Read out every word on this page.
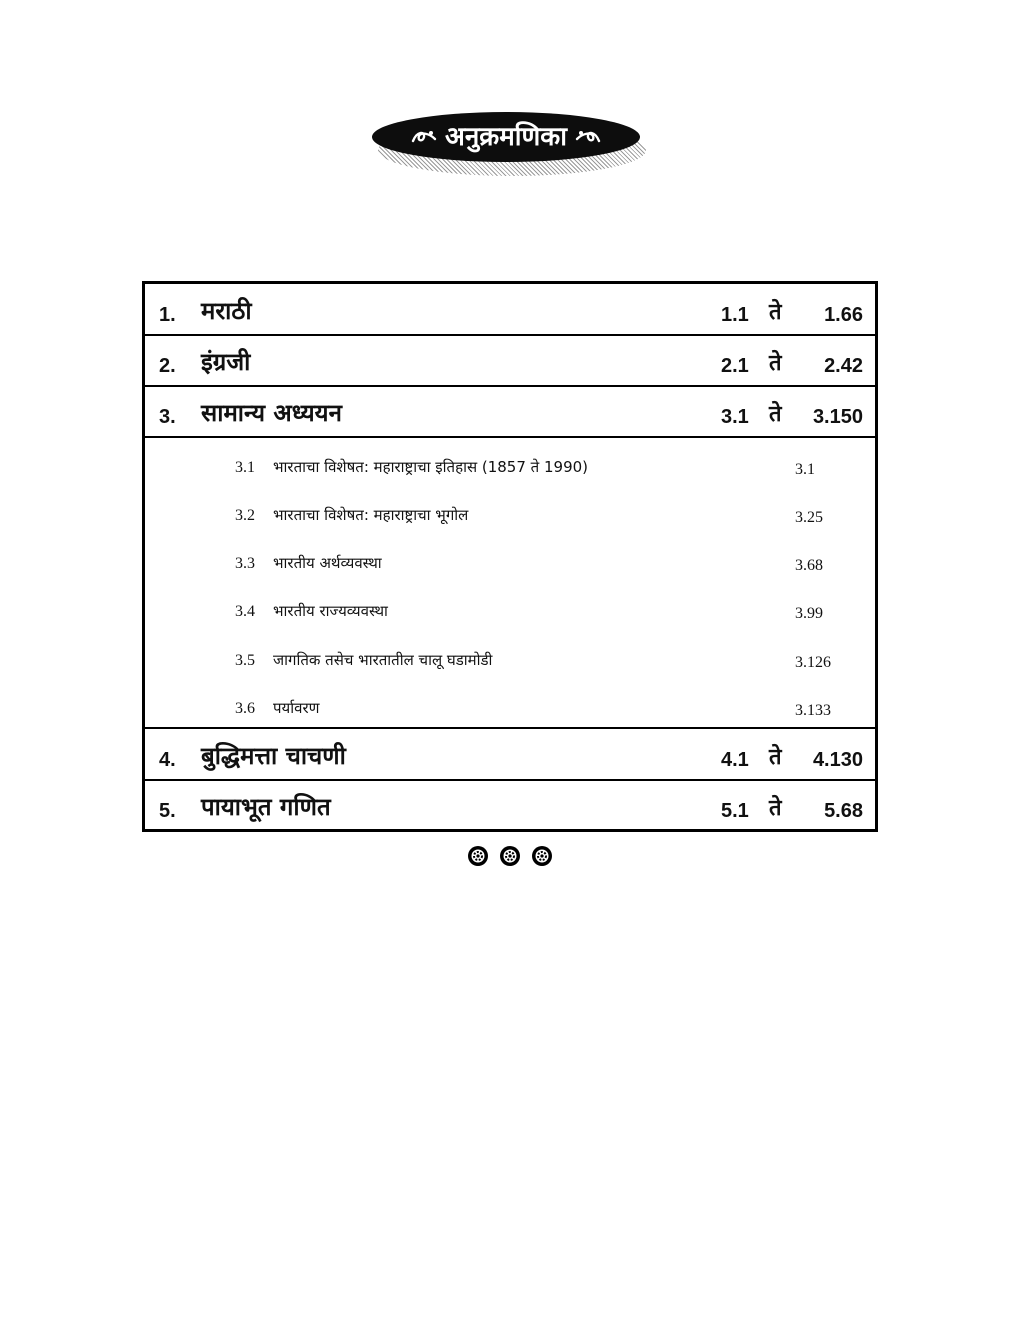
अनुक्रमणिका
1. मराठी	1.1 ते 1.66
2. इंग्रजी	2.1 ते 2.42
3. सामान्य अध्ययन	3.1 ते 3.150
3.1 भारताचा विशेषत: महाराष्ट्राचा इतिहास (1857 ते 1990)	3.1
3.2 भारताचा विशेषत: महाराष्ट्राचा भूगोल	3.25
3.3 भारतीय अर्थव्यवस्था	3.68
3.4 भारतीय राज्यव्यवस्था	3.99
3.5 जागतिक तसेच भारतातील चालू घडामोडी	3.126
3.6 पर्यावरण	3.133
4. बुद्धिमत्ता चाचणी	4.1 ते 4.130
5. पायाभूत गणित	5.1 ते 5.68
